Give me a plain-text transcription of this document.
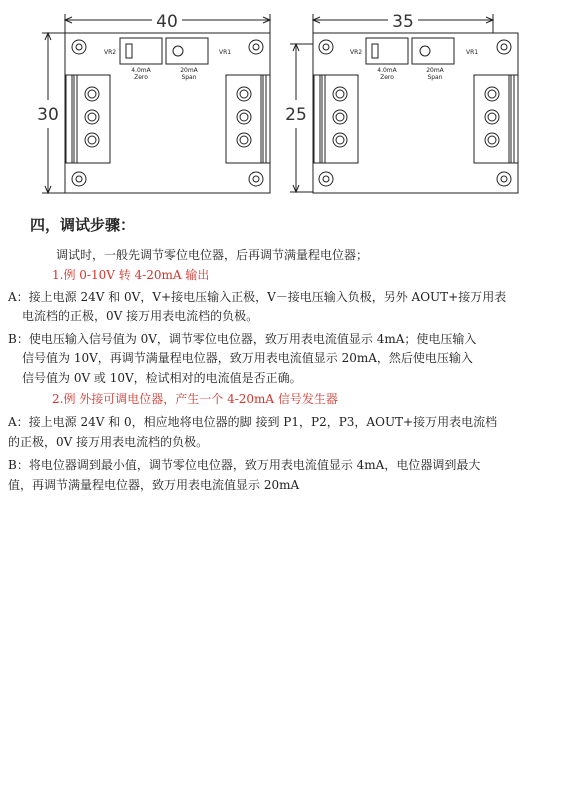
40
30
VR2	VR1
4.0mA
Zero
20mA
Span
35
25
VR2	VR1
4.0mA
Zero
20mA
Span
四，调试步骤：
调试时，一般先调节零位电位器，后再调节满量程电位器；
1.例 0-10V 转 4-20mA 输出
A：接上电源 24V 和 0V，V+接电压输入正极，V－接电压输入负极，另外 AOUT+接万用表
电流档的正极，0V 接万用表电流档的负极。
B：使电压输入信号值为 0V，调节零位电位器，致万用表电流值显示 4mA；使电压输入
信号值为 10V，再调节满量程电位器，致万用表电流值显示 20mA，然后使电压输入
信号值为 0V 或 10V，检试相对的电流值是否正确。
2.例 外接可调电位器，产生一个 4-20mA 信号发生器
A：接上电源 24V 和 0，相应地将电位器的脚 接到 P1，P2，P3，AOUT+接万用表电流档
的正极，0V 接万用表电流档的负极。
B：将电位器调到最小值，调节零位电位器，致万用表电流值显示 4mA，电位器调到最大
值，再调节满量程电位器，致万用表电流值显示 20mA
